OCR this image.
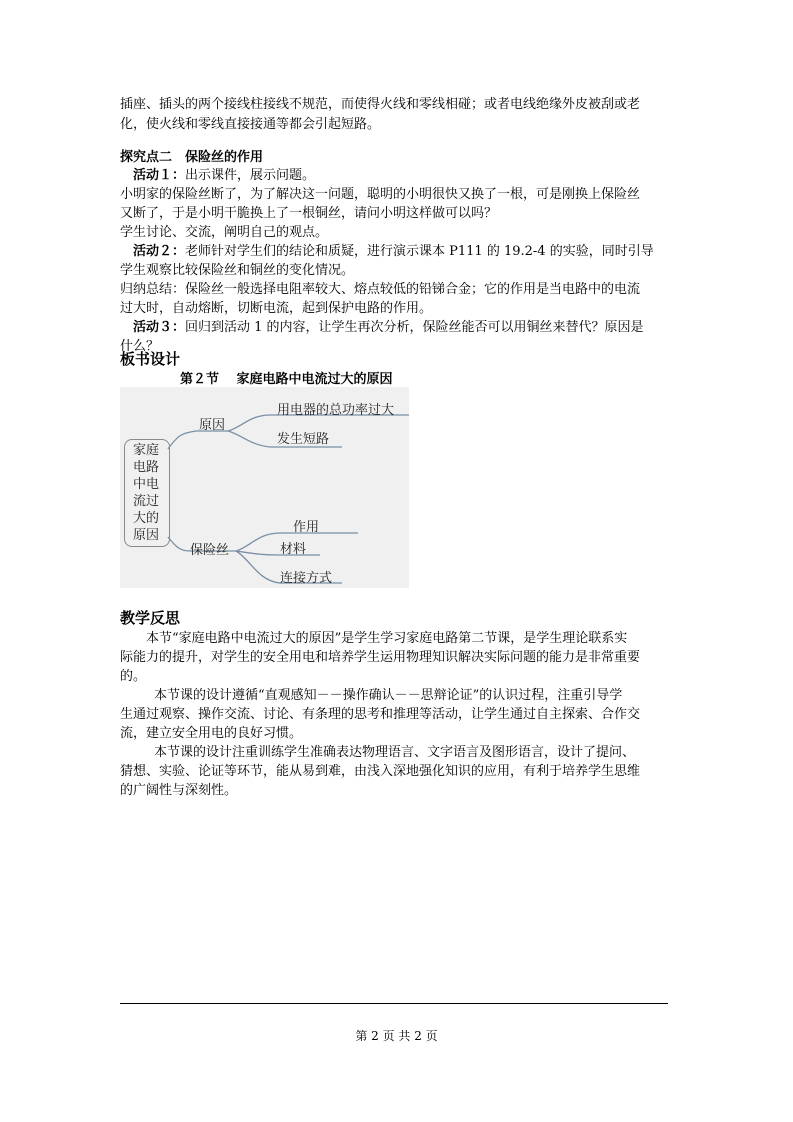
插座、插头的两个接线柱接线不规范，而使得火线和零线相碰；或者电线绝缘外皮被刮或老

化，使火线和零线直接接通等都会引起短路。

探究点二　保险丝的作用

活动１：出示课件，展示问题。

小明家的保险丝断了，为了解决这一问题，聪明的小明很快又换了一根，可是刚换上保险丝

又断了，于是小明干脆换上了一根铜丝，请问小明这样做可以吗？

学生讨论、交流，阐明自己的观点。

活动２：老师针对学生们的结论和质疑，进行演示课本 P111 的 19.2-4 的实验，同时引导

学生观察比较保险丝和铜丝的变化情况。

归纳总结：保险丝一般选择电阻率较大、熔点较低的铅锑合金；它的作用是当电路中的电流

过大时，自动熔断，切断电流，起到保护电路的作用。

活动３：回归到活动 1 的内容，让学生再次分析，保险丝能否可以用铜丝来替代？原因是

什么？

板书设计

第２节　 家庭电路中电流过大的原因

家庭
电路
中电
流过
大的
原因
原因
用电器的总功率过大
发生短路
保险丝
作用
材料
连接方式

教学反思

本节“家庭电路中电流过大的原因”是学生学习家庭电路第二节课，是学生理论联系实

际能力的提升，对学生的安全用电和培养学生运用物理知识解决实际问题的能力是非常重要

的。

本节课的设计遵循“直观感知－－操作确认－－思辩论证”的认识过程，注重引导学

生通过观察、操作交流、讨论、有条理的思考和推理等活动，让学生通过自主探索、合作交

流，建立安全用电的良好习惯。

本节课的设计注重训练学生准确表达物理语言、文字语言及图形语言，设计了提问、

猜想、实验、论证等环节，能从易到难，由浅入深地强化知识的应用，有利于培养学生思维

的广阔性与深刻性。

第 2 页 共 2 页
